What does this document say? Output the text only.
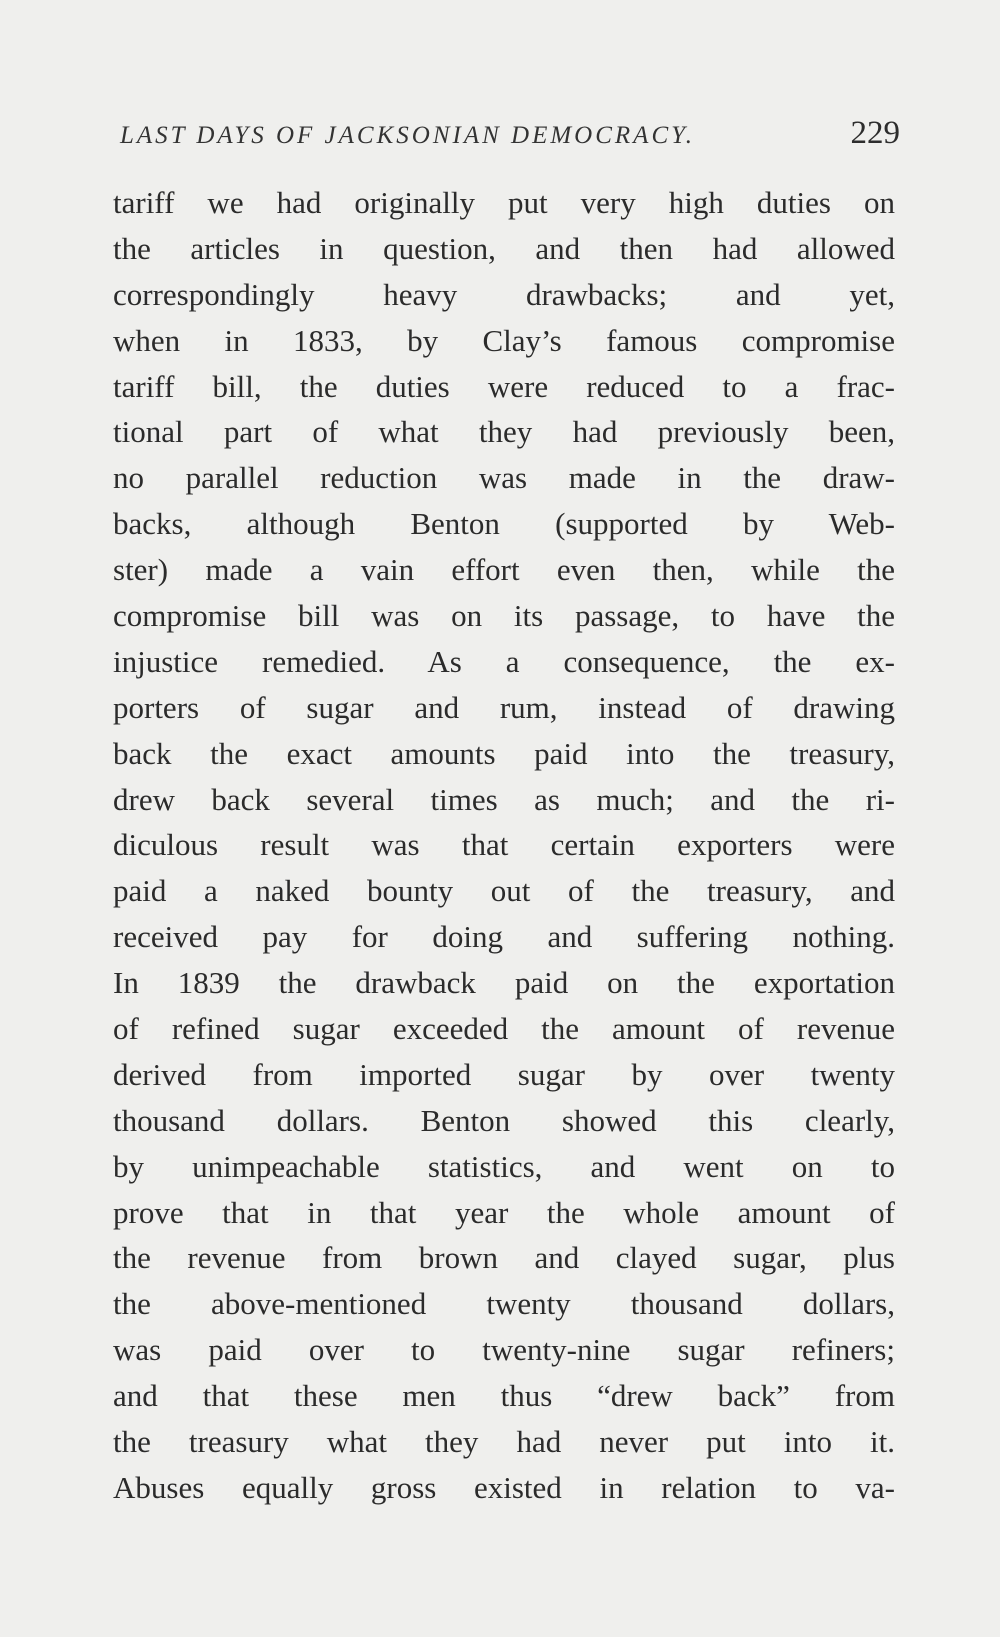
LAST DAYS OF JACKSONIAN DEMOCRACY.	229
tariff we had originally put very high duties on
the articles in question, and then had allowed
correspondingly heavy drawbacks; and yet,
when in 1833, by Clay’s famous compromise
tariff bill, the duties were reduced to a frac-
tional part of what they had previously been,
no parallel reduction was made in the draw-
backs, although Benton (supported by Web-
ster) made a vain effort even then, while the
compromise bill was on its passage, to have the
injustice remedied. As a consequence, the ex-
porters of sugar and rum, instead of drawing
back the exact amounts paid into the treasury,
drew back several times as much; and the ri-
diculous result was that certain exporters were
paid a naked bounty out of the treasury, and
received pay for doing and suffering nothing.
In 1839 the drawback paid on the exportation
of refined sugar exceeded the amount of revenue
derived from imported sugar by over twenty
thousand dollars. Benton showed this clearly,
by unimpeachable statistics, and went on to
prove that in that year the whole amount of
the revenue from brown and clayed sugar, plus
the above-mentioned twenty thousand dollars,
was paid over to twenty-nine sugar refiners;
and that these men thus “drew back” from
the treasury what they had never put into it.
Abuses equally gross existed in relation to va-
